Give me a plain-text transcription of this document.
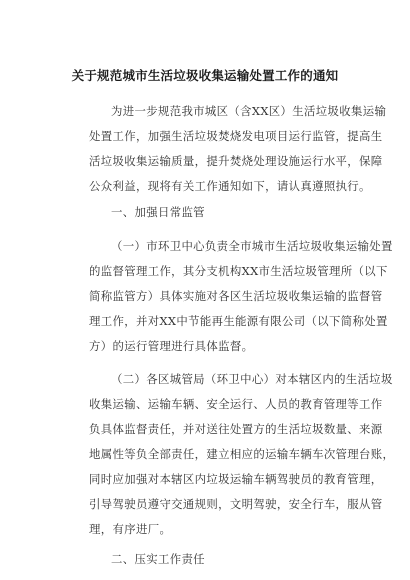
关于规范城市生活垃圾收集运输处置工作的通知
为进一步规范我市城区（含XX区）生活垃圾收集运输
处置工作，加强生活垃圾焚烧发电项目运行监管，提高生
活垃圾收集运输质量，提升焚烧处理设施运行水平，保障
公众利益，现将有关工作通知如下，请认真遵照执行。
一、加强日常监管
（一）市环卫中心负责全市城市生活垃圾收集运输处置
的监督管理工作，其分支机构XX市生活垃圾管理所（以下
简称监管方）具体实施对各区生活垃圾收集运输的监督管
理工作，并对XX中节能再生能源有限公司（以下简称处置
方）的运行管理进行具体监督。
（二）各区城管局（环卫中心）对本辖区内的生活垃圾
收集运输、运输车辆、安全运行、人员的教育管理等工作
负具体监督责任，并对送往处置方的生活垃圾数量、来源
地属性等负全部责任，建立相应的运输车辆车次管理台账，
同时应加强对本辖区内垃圾运输车辆驾驶员的教育管理，
引导驾驶员遵守交通规则，文明驾驶，安全行车，服从管
理，有序进厂。
二、压实工作责任
